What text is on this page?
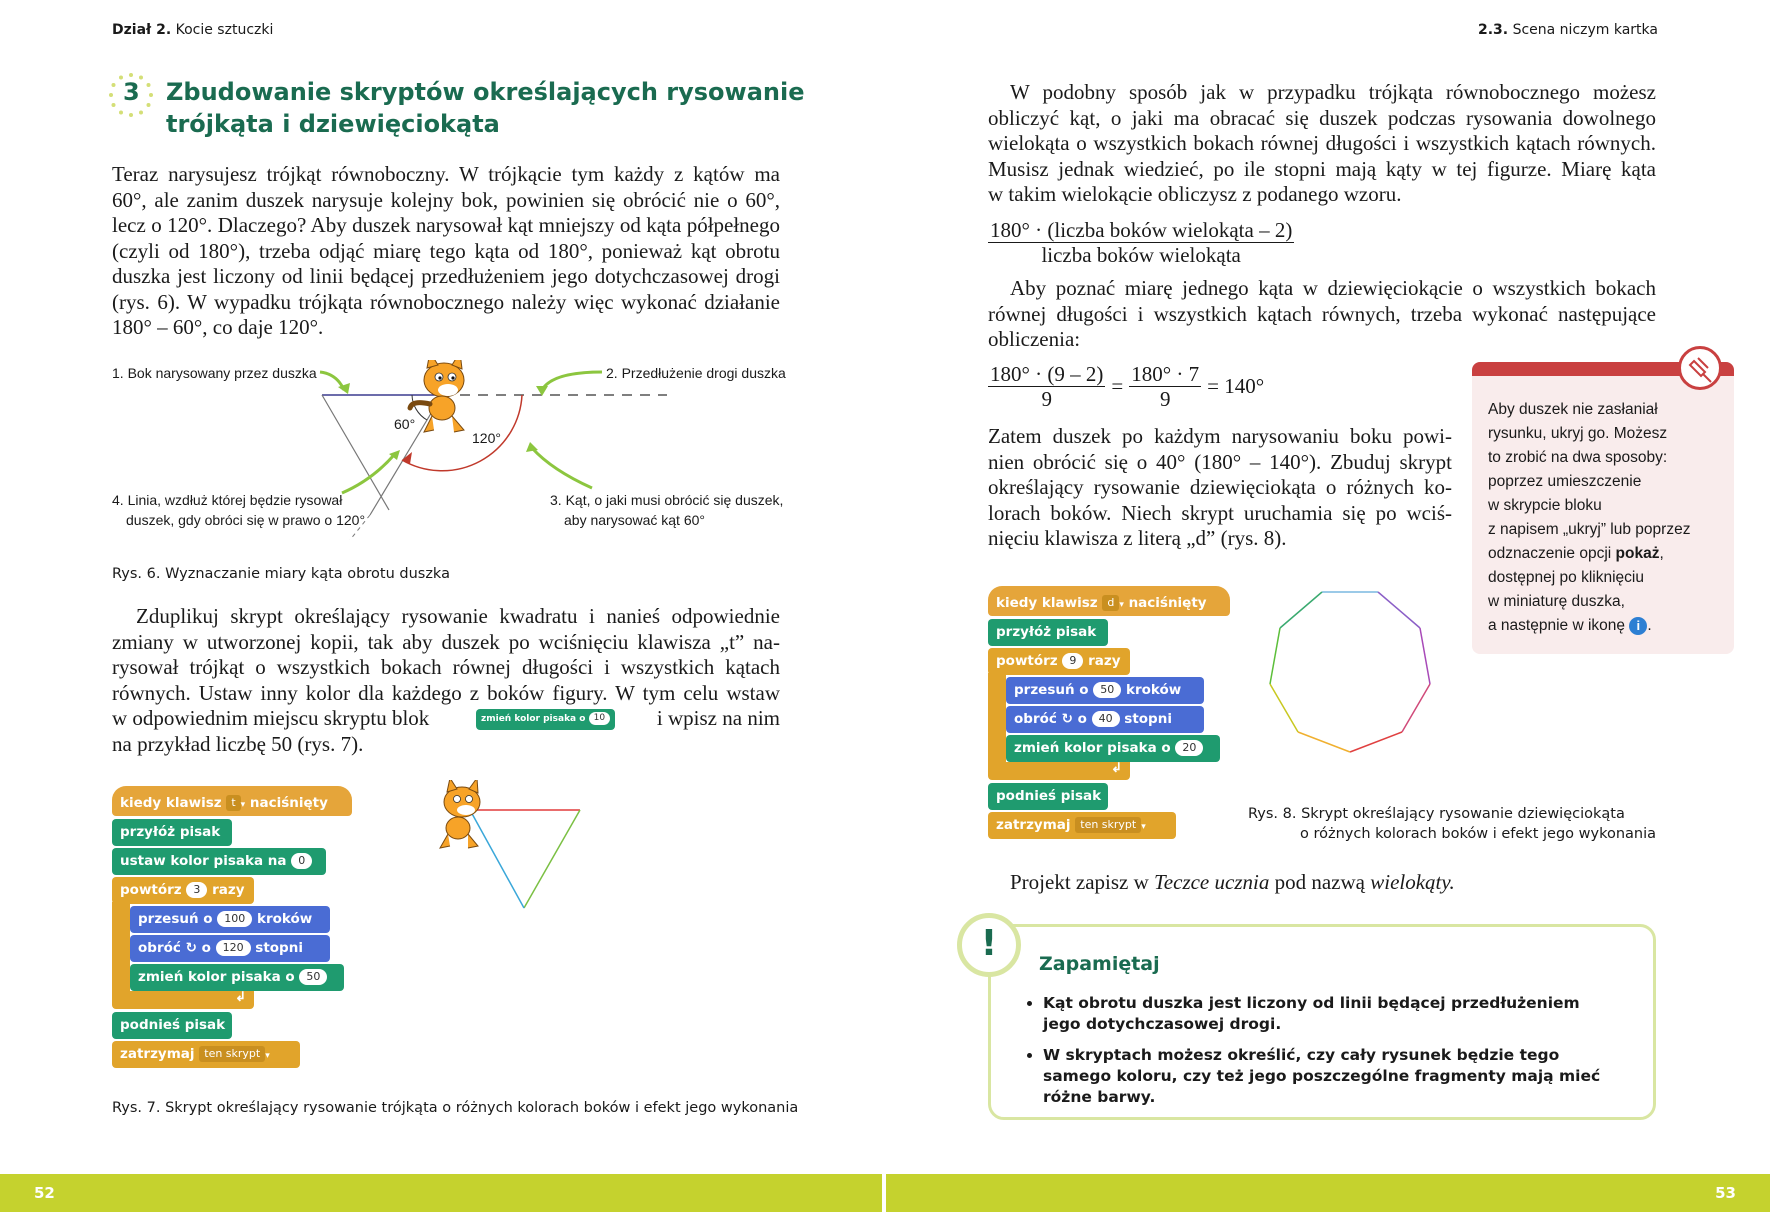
Dział 2. Kocie sztuczki	2.3. Scena niczym kartka
3 Zbudowanie skryptów określających rysowanie
trójkąta i dziewięciokąta
Teraz narysujesz trójkąt równoboczny. W trójkącie tym każdy z kątów ma
60°, ale zanim duszek narysuje kolejny bok, powinien się obrócić nie o 60°,
lecz o 120°. Dlaczego? Aby duszek narysował kąt mniejszy od kąta półpełnego
(czyli od 180°), trzeba odjąć miarę tego kąta od 180°, ponieważ kąt obrotu
duszka jest liczony od linii będącej przedłużeniem jego dotychczasowej drogi
(rys. 6). W wypadku trójkąta równobocznego należy więc wykonać działanie
180° – 60°, co daje 120°.
1. Bok narysowany przez duszka	2. Przedłużenie drogi duszka
3. Kąt, o jaki musi obrócić się duszek,
aby narysować kąt 60°
4. Linia, wzdłuż której będzie rysował
duszek, gdy obróci się w prawo o 120°
60°
120°
Rys. 6. Wyznaczanie miary kąta obrotu duszka
Zduplikuj skrypt określający rysowanie kwadratu i nanieś odpowiednie
zmiany w utworzonej kopii, tak aby duszek po wciśnięciu klawisza „t” na-
rysował trójkąt o wszystkich bokach równej długości i wszystkich kątach
równych. Ustaw inny kolor dla każdego z boków figury. W tym celu wstaw
w odpowiednim miejscu skryptu blok	zmień kolor pisaka o 10	i wpisz na nim
na przykład liczbę 50 (rys. 7).
kiedy klawisz t ▾ naciśnięty
przyłóż pisak
ustaw kolor pisaka na 0
powtórz 3 razy
przesuń o 100 kroków
obróć ↻ o 120 stopni
zmień kolor pisaka o 50
↲
podnieś pisak
zatrzymaj ten skrypt ▾
Rys. 7. Skrypt określający rysowanie trójkąta o różnych kolorach boków i efekt jego wykonania
W podobny sposób jak w przypadku trójkąta równobocznego możesz
obliczyć kąt, o jaki ma obracać się duszek podczas rysowania dowolnego
wielokąta o wszystkich bokach równej długości i wszystkich kątach równych.
Musisz jednak wiedzieć, po ile stopni mają kąty w tej figurze. Miarę kąta
w takim wielokącie obliczysz z podanego wzoru.
$\frac{\text{180° · (liczba boków wielokąta – 2)}}{\text{liczba boków wielokąta}}$
Aby poznać miarę jednego kąta w dziewięciokącie o wszystkich bokach
równej długości i wszystkich kątach równych, trzeba wykonać następujące
obliczenia:
$\frac{180^\circ \cdot (9 - 2)}{9} = \frac{180^\circ \cdot 7}{9} = 140^\circ$
Zatem duszek po każdym narysowaniu boku powi-
nien obrócić się o 40° (180° – 140°). Zbuduj skrypt
określający rysowanie dziewięciokąta o różnych ko-
lorach boków. Niech skrypt uruchamia się po wciś-
nięciu klawisza z literą „d” (rys. 8).
Aby duszek nie zasłaniał
rysunku, ukryj go. Możesz
to zrobić na dwa sposoby:
poprzez umieszczenie
w skrypcie bloku
z napisem „ukryj” lub poprzez
odznaczenie opcji pokaż,
dostępnej po kliknięciu
w miniaturę duszka,
a następnie w ikonę i .
kiedy klawisz d ▾ naciśnięty
przyłóż pisak
powtórz 9 razy
przesuń o 50 kroków
obróć ↻ o 40 stopni
zmień kolor pisaka o 20
↲
podnieś pisak
zatrzymaj ten skrypt ▾
Rys. 8. Skrypt określający rysowanie dziewięciokąta
o różnych kolorach boków i efekt jego wykonania
Projekt zapisz w Teczce ucznia pod nazwą wielokąty.
!	Zapamiętaj
• Kąt obrotu duszka jest liczony od linii będącej przedłużeniem jego dotychczasowej drogi.
• W skryptach możesz określić, czy cały rysunek będzie tego samego koloru, czy też jego poszczególne fragmenty mają mieć różne barwy.
52	53
